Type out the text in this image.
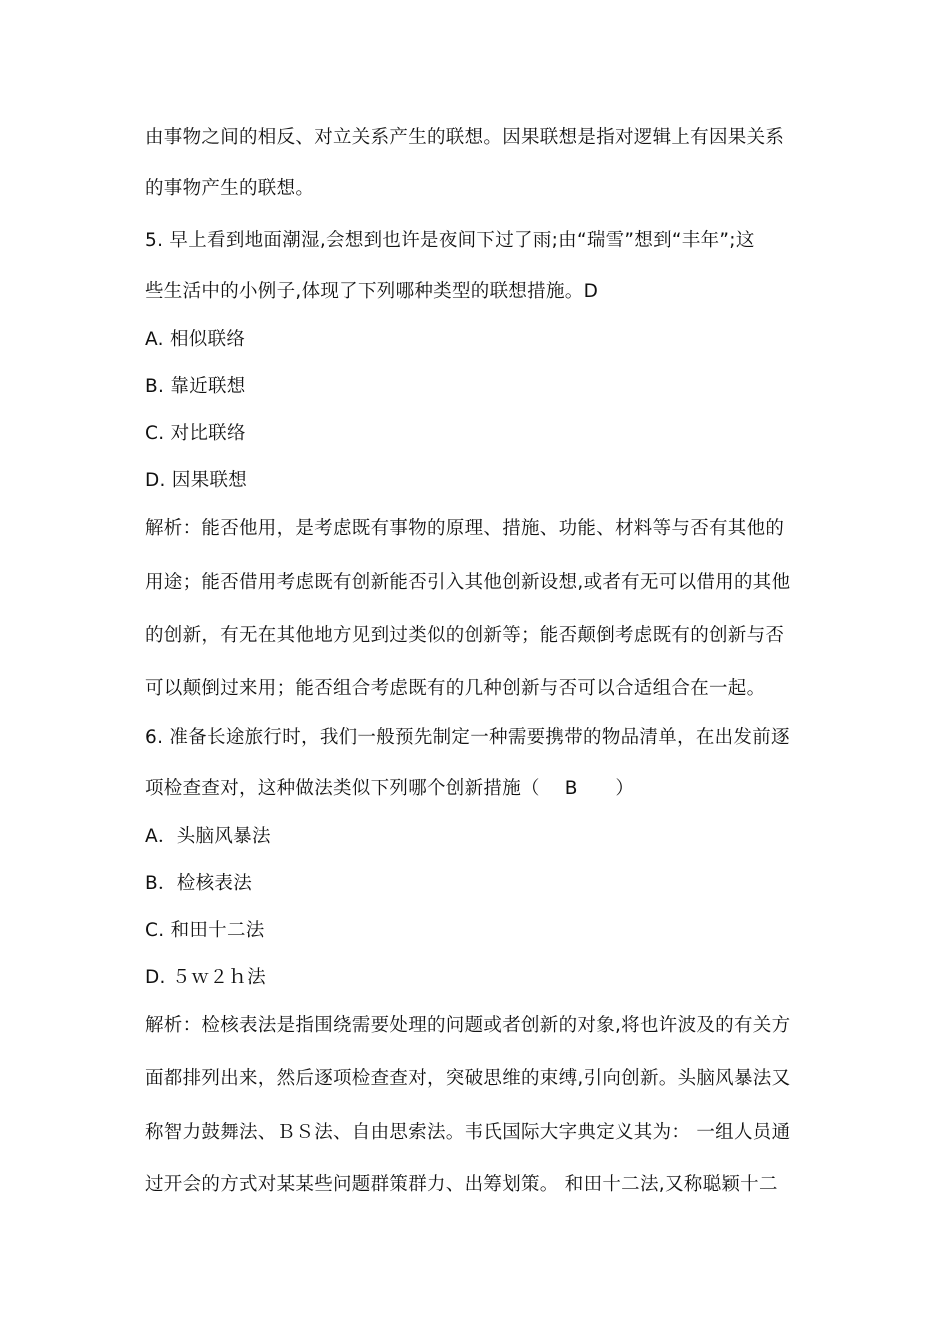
由事物之间的相反、对立关系产生的联想。因果联想是指对逻辑上有因果关系
的事物产生的联想。
5. 早上看到地面潮湿,会想到也许是夜间下过了雨;由“瑞雪”想到“丰年”;这
些生活中的小例子,体现了下列哪种类型的联想措施。D
A. 相似联络
B. 靠近联想
C. 对比联络
D. 因果联想
解析：能否他用，是考虑既有事物的原理、措施、功能、材料等与否有其他的
用途；能否借用考虑既有创新能否引入其他创新设想,或者有无可以借用的其他
的创新，有无在其他地方见到过类似的创新等；能否颠倒考虑既有的创新与否
可以颠倒过来用；能否组合考虑既有的几种创新与否可以合适组合在一起。
6. 准备长途旅行时，我们一般预先制定一种需要携带的物品清单，在出发前逐
项检查查对，这种做法类似下列哪个创新措施（　 B　　）
A．头脑风暴法
B．检核表法
C. 和田十二法
D. ５ｗ２ｈ法
解析：检核表法是指围绕需要处理的问题或者创新的对象,将也许波及的有关方
面都排列出来，然后逐项检查查对，突破思维的束缚,引向创新。头脑风暴法又
称智力鼓舞法、ＢＳ法、自由思索法。韦氏国际大字典定义其为： 一组人员通
过开会的方式对某某些问题群策群力、出筹划策。 和田十二法,又称聪颖十二
